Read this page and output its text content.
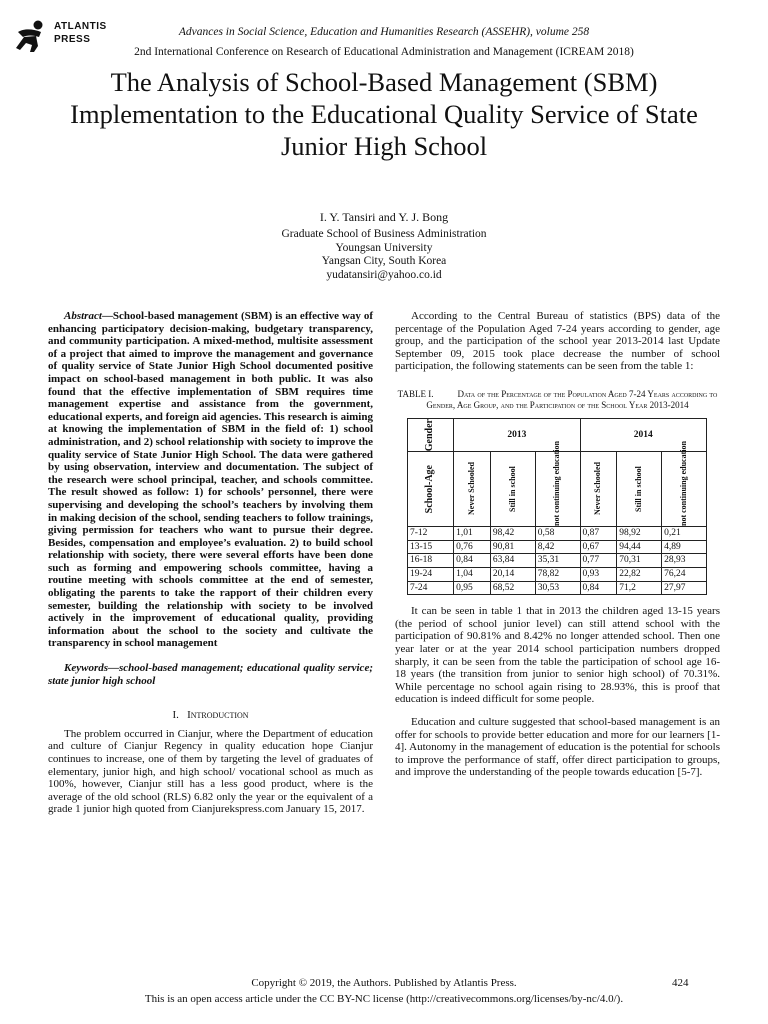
ATLANTIS
PRESS
Advances in Social Science, Education and Humanities Research (ASSEHR), volume 258
2nd International Conference on Research of Educational Administration and Management (ICREAM 2018)
The Analysis of School-Based Management (SBM) Implementation to the Educational Quality Service of State Junior High School
I. Y. Tansiri and Y. J. Bong
Graduate School of Business Administration
Youngsan University
Yangsan City, South Korea
yudatansiri@yahoo.co.id

Abstract—School-based management (SBM) is an effective way of enhancing participatory decision-making, budgetary transparency, and community participation. A mixed-method, multisite assessment of a project that aimed to improve the management and governance of quality service of State Junior High School documented positive impact on school-based management in both public. It was also found that the effective implementation of SBM requires time management expertise and assistance from the government, educational experts, and foreign aid agencies. This research is aiming at knowing the implementation of SBM in the field of: 1) school administration, and 2) school relationship with society to improve the quality service of State Junior High School. The data were gathered by using observation, interview and documentation. The subject of the research were school principal, teacher, and schools committee. The result showed as follow: 1) for schools’ personnel, there were supervising and developing the school’s teachers by involving them in making decision of the school, sending teachers to follow trainings, giving permission for teachers who want to pursue their degree. Besides, compensation and employee’s evaluation. 2) to build school relationship with society, there were several efforts have been done such as forming and empowering schools committee, having a routine meeting with schools committee at the end of semester, obligating the parents to take the rapport of their children every semester, building the relationship with society to be involved actively in the improvement of educational quality, providing information about the school to the society and cultivate the transparency in school management

Keywords—school-based management; educational quality service; state junior high school

I. Introduction

The problem occurred in Cianjur, where the Department of education and culture of Cianjur Regency in quality education hope Cianjur continues to increase, one of them by targeting the level of graduates of elementary, junior high, and high school/ vocational school as much as 100%, however, Cianjur still has a less good product, where is the average of the old school (RLS) 6.82 only the year or the equivalent of a grade 1 junior high quoted from Cianjurekspress.com January 15, 2017.

According to the Central Bureau of statistics (BPS) data of the percentage of the Population Aged 7-24 years according to gender, age group, and the participation of the school year 2013-2014 last Update September 09, 2015 took place decrease the number of school participation, the following statements can be seen from the table 1:

TABLE I.	Data of the Percentage of the Population Aged 7-24 Years according to Gender, Age Group, and the Participation of the School Year 2013-2014
Gender	2013			2014		

School-Age	Never Schooled	Still in school	not continuing education	Never Schooled	Still in school	not continuing education

7-12	1,01	98,42	0,58	0,87	98,92	0,21
13-15	0,76	90,81	8,42	0,67	94,44	4,89
16-18	0,84	63,84	35,31	0,77	70,31	28,93
19-24	1,04	20,14	78,82	0,93	22,82	76,24
7-24	0,95	68,52	30,53	0,84	71,2	27,97

It can be seen in table 1 that in 2013 the children aged 13-15 years (the period of school junior level) can still attend school with the participation of 90.81% and 8.42% no longer attended school. Then one year later or at the year 2014 school participation numbers dropped sharply, it can be seen from the table the participation of school age 16-18 years (the transition from junior to senior high school) of 70.31%. While percentage no school again rising to 28.93%, this is proof that education is indeed difficult for some people.

Education and culture suggested that school-based management is an offer for schools to provide better education and more for our learners [1-4]. Autonomy in the management of education is the potential for schools to improve the performance of staff, offer direct participation to groups, and improve the understanding of the people towards education [5-7].

Copyright © 2019, the Authors. Published by Atlantis Press.	424
This is an open access article under the CC BY-NC license (http://creativecommons.org/licenses/by-nc/4.0/).
